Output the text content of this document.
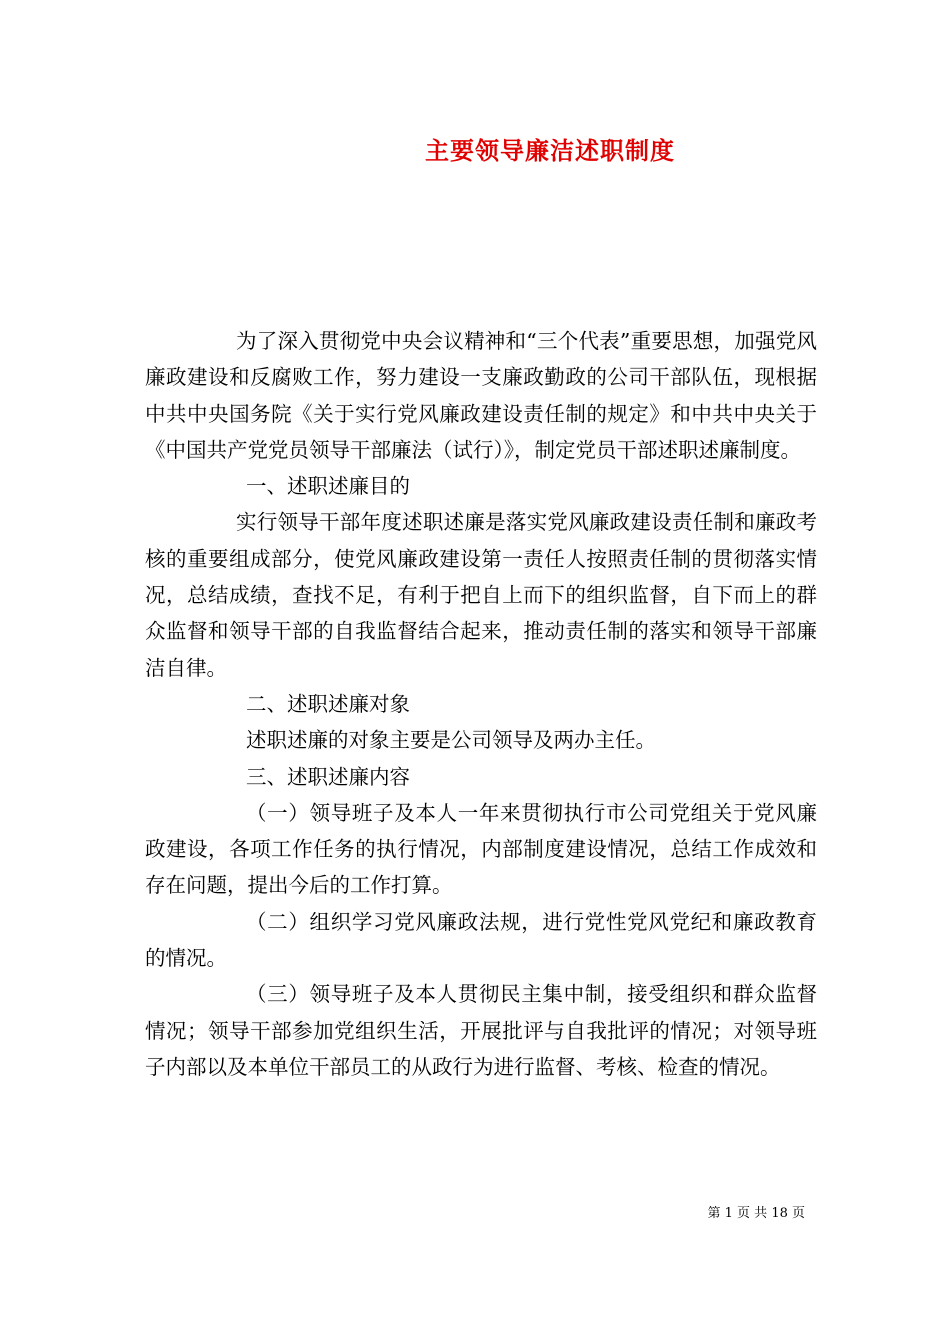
主要领导廉洁述职制度

为了深入贯彻党中央会议精神和“三个代表”重要思想，加强党风廉政建设和反腐败工作，努力建设一支廉政勤政的公司干部队伍，现根据中共中央国务院《关于实行党风廉政建设责任制的规定》和中共中央关于《中国共产党党员领导干部廉法（试行）》，制定党员干部述职述廉制度。

一、述职述廉目的

实行领导干部年度述职述廉是落实党风廉政建设责任制和廉政考核的重要组成部分，使党风廉政建设第一责任人按照责任制的贯彻落实情况，总结成绩，查找不足，有利于把自上而下的组织监督，自下而上的群众监督和领导干部的自我监督结合起来，推动责任制的落实和领导干部廉洁自律。

二、述职述廉对象

述职述廉的对象主要是公司领导及两办主任。

三、述职述廉内容

（一）领导班子及本人一年来贯彻执行市公司党组关于党风廉政建设，各项工作任务的执行情况，内部制度建设情况，总结工作成效和存在问题，提出今后的工作打算。

（二）组织学习党风廉政法规，进行党性党风党纪和廉政教育的情况。

（三）领导班子及本人贯彻民主集中制，接受组织和群众监督情况；领导干部参加党组织生活，开展批评与自我批评的情况；对领导班子内部以及本单位干部员工的从政行为进行监督、考核、检查的情况。

第 1 页 共 18 页
